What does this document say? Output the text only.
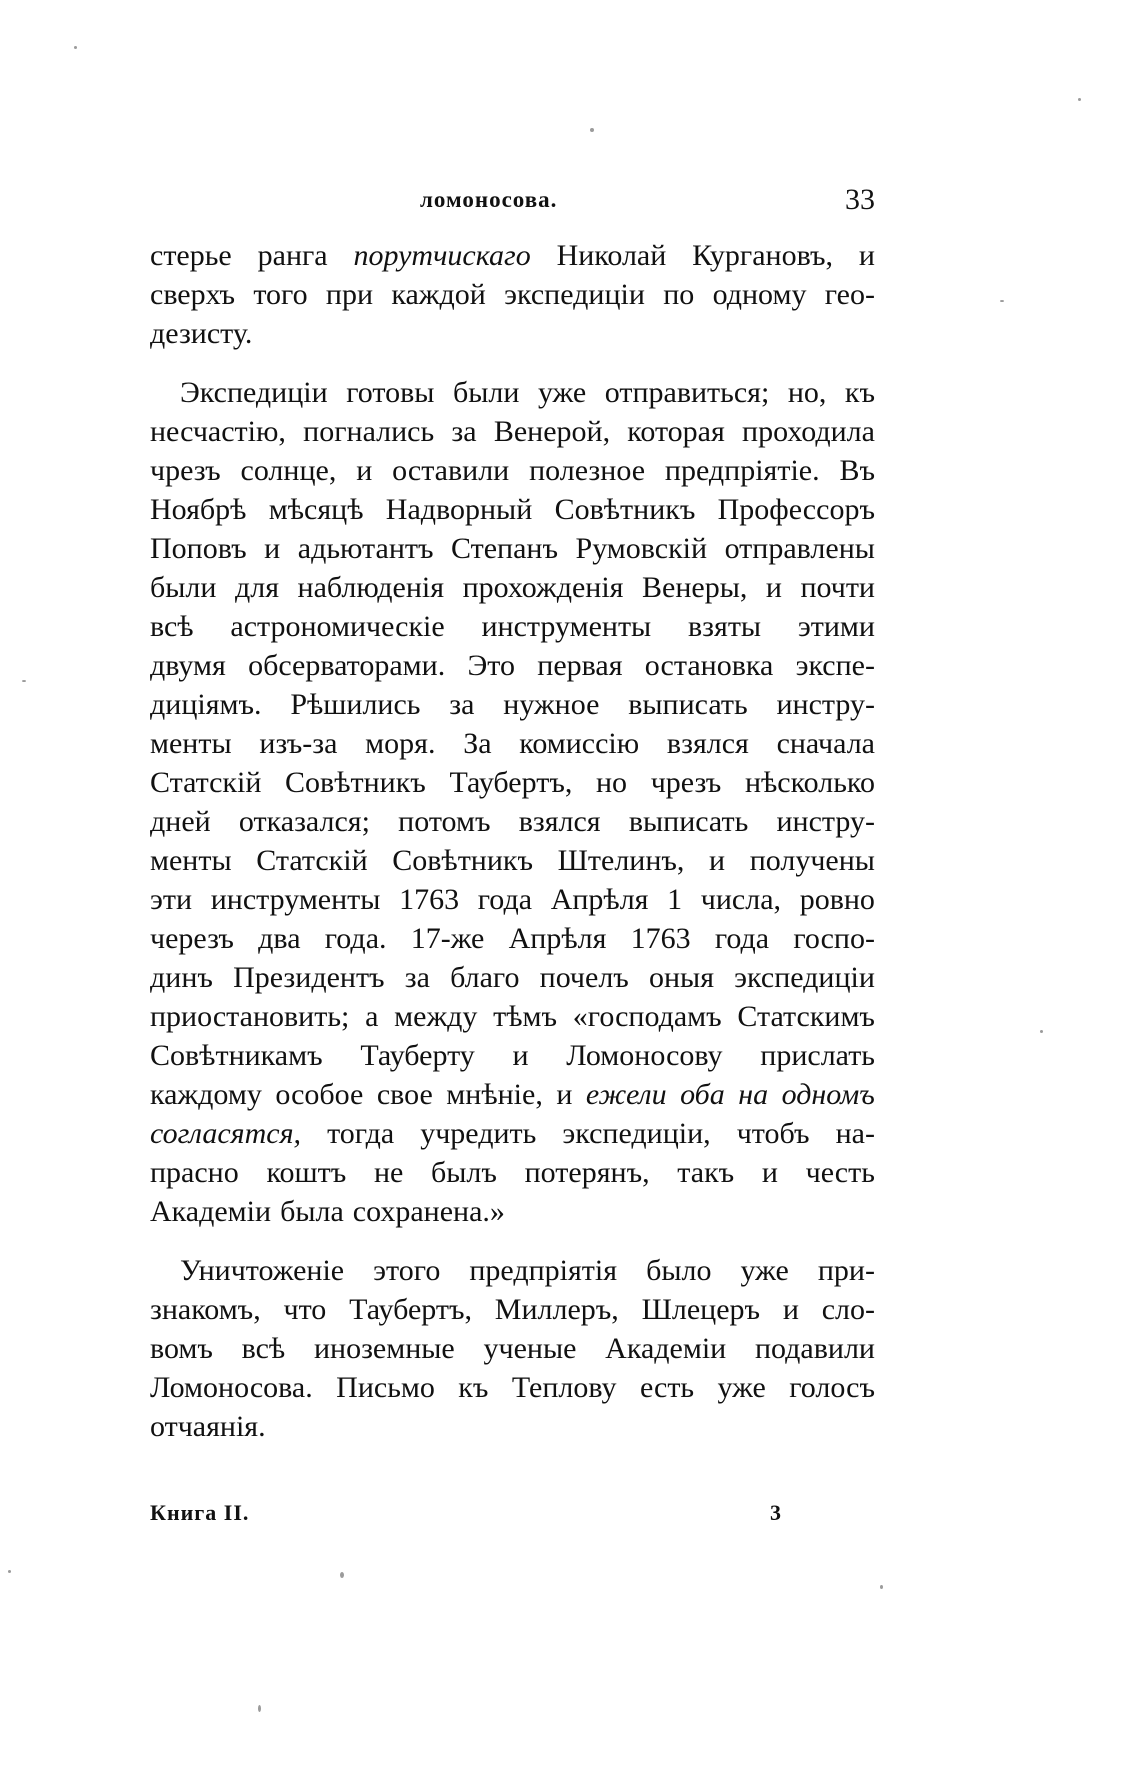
ломоносова.	33
стерье ранга порутчискаго Николай Кургановъ, и
сверхъ того при каждой экспедиціи по одному гео-
дезисту.
Экспедиціи готовы были уже отправиться; но, къ
несчастію, погнались за Венерой, которая проходила
чрезъ солнце, и оставили полезное предпріятіе. Въ
Ноябрѣ мѣсяцѣ Надворный Совѣтникъ Профессоръ
Поповъ и адьютантъ Степанъ Румовскій отправлены
были для наблюденія прохожденія Венеры, и почти
всѣ астрономическіе инструменты взяты этими
двумя обсерваторами. Это первая остановка экспе-
диціямъ. Рѣшились за нужное выписать инстру-
менты изъ-за моря. За комиссію взялся сначала
Статскій Совѣтникъ Таубертъ, но чрезъ нѣсколько
дней отказался; потомъ взялся выписать инстру-
менты Статскій Совѣтникъ Штелинъ, и получены
эти инструменты 1763 года Апрѣля 1 числа, ровно
черезъ два года. 17-же Апрѣля 1763 года госпо-
динъ Президентъ за благо почелъ оныя экспедиціи
приостановить; а между тѣмъ «господамъ Статскимъ
Совѣтникамъ Тауберту и Ломоносову прислать
каждому особое свое мнѣніе, и ежели оба на одномъ
согласятся, тогда учредить экспедиціи, чтобъ на-
прасно коштъ не былъ потерянъ, такъ и честь
Академіи была сохранена.»
Уничтоженіе этого предпріятія было уже при-
знакомъ, что Таубертъ, Миллеръ, Шлецеръ и сло-
вомъ всѣ иноземные ученые Академіи подавили
Ломоносова. Письмо къ Теплову есть уже голосъ
отчаянія.
Книга II.	3
